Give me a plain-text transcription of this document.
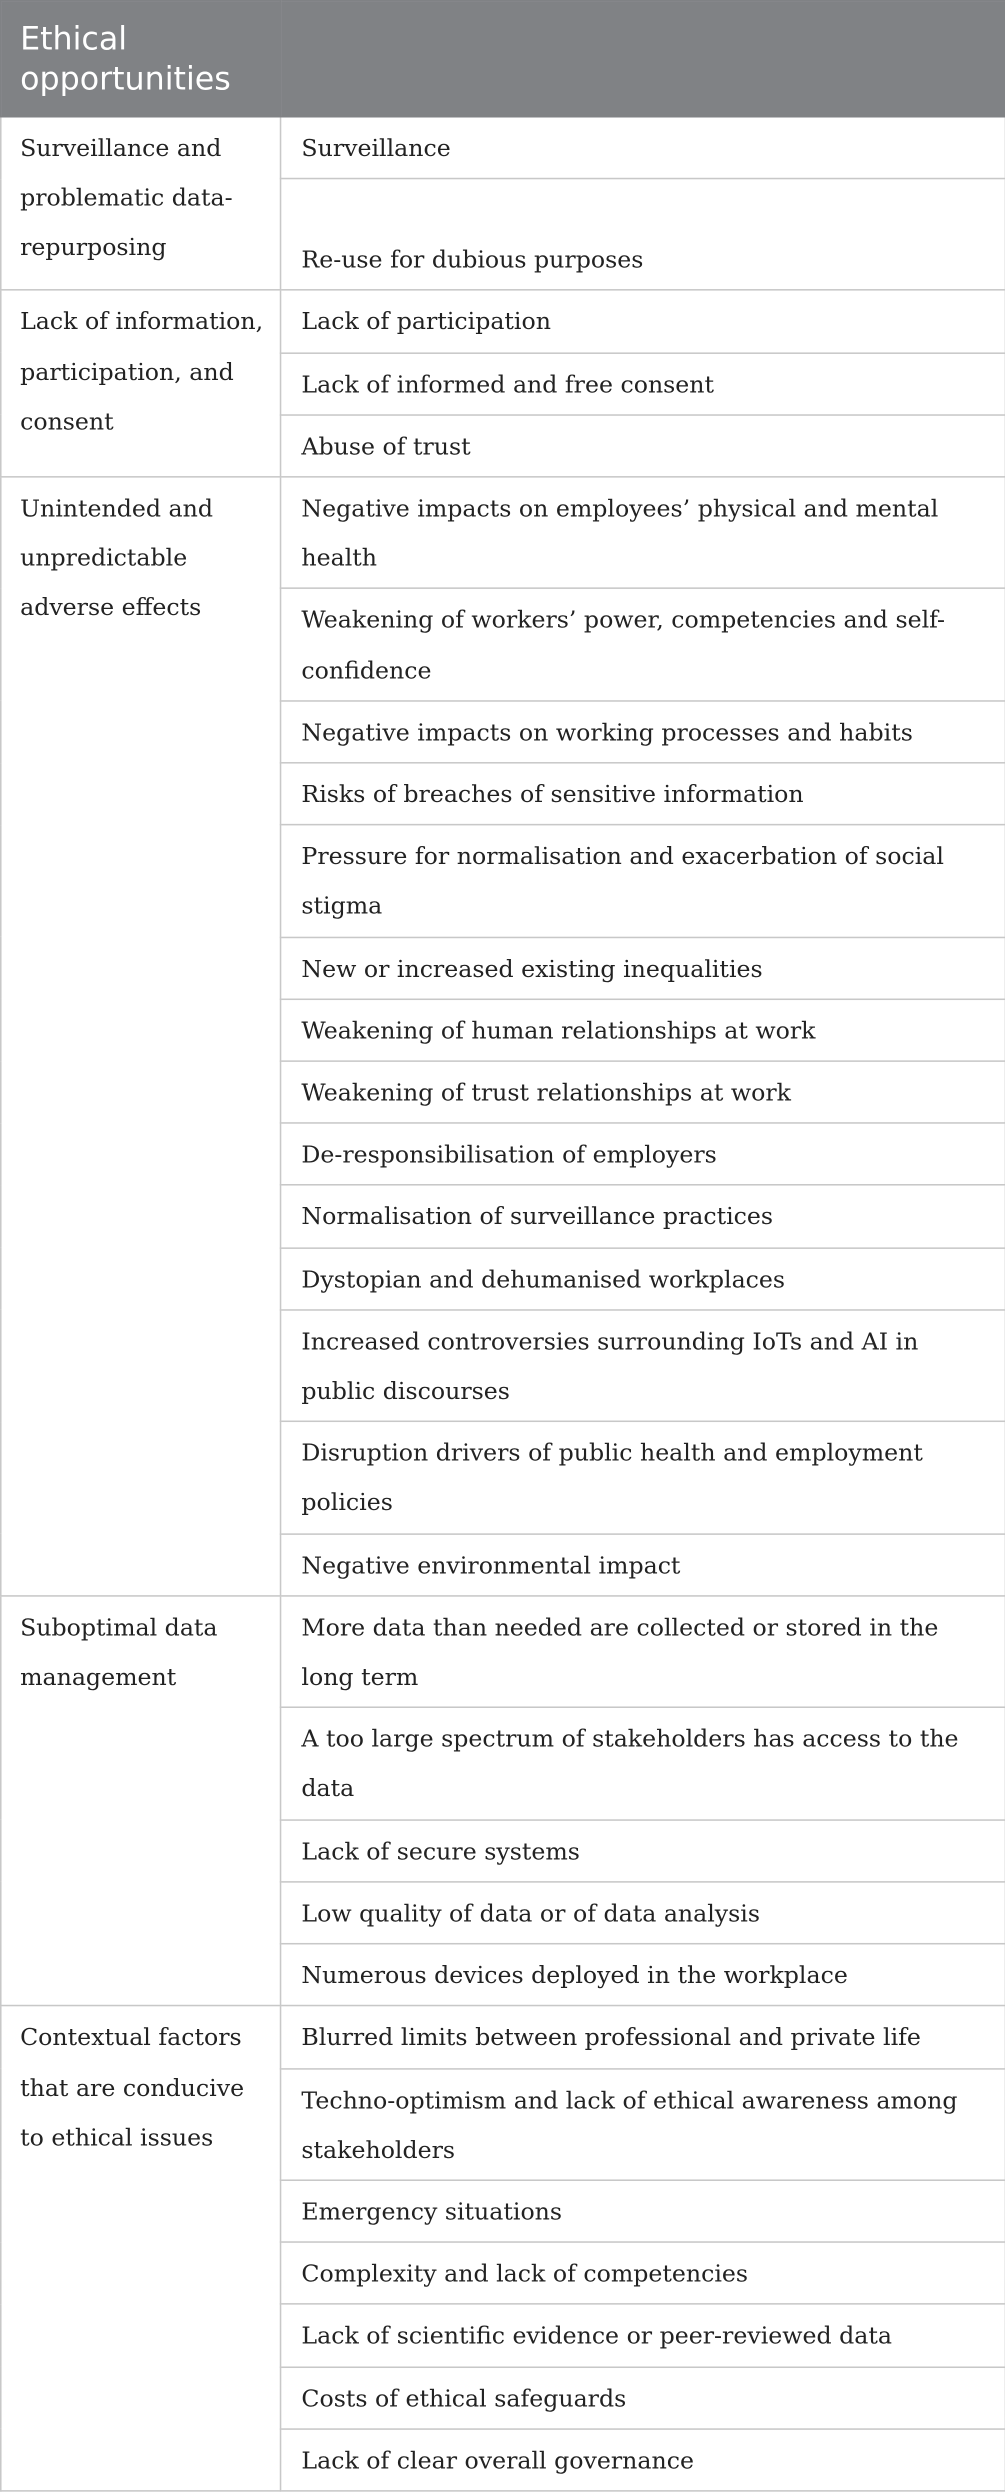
Ethical opportunities	
Surveillance and problematic data-repurposing	Surveillance
	Re-use for dubious purposes
Lack of information, participation, and consent	Lack of participation
	Lack of informed and free consent
	Abuse of trust
Unintended and unpredictable adverse effects	Negative impacts on employees’ physical and mental health
	Weakening of workers’ power, competencies and self-confidence
	Negative impacts on working processes and habits
	Risks of breaches of sensitive information
	Pressure for normalisation and exacerbation of social stigma
	New or increased existing inequalities
	Weakening of human relationships at work
	Weakening of trust relationships at work
	De-responsibilisation of employers
	Normalisation of surveillance practices
	Dystopian and dehumanised workplaces
	Increased controversies surrounding IoTs and AI in public discourses
	Disruption drivers of public health and employment policies
	Negative environmental impact
Suboptimal data management	More data than needed are collected or stored in the long term
	A too large spectrum of stakeholders has access to the data
	Lack of secure systems
	Low quality of data or of data analysis
	Numerous devices deployed in the workplace
Contextual factors that are conducive to ethical issues	Blurred limits between professional and private life
	Techno-optimism and lack of ethical awareness among stakeholders
	Emergency situations
	Complexity and lack of competencies
	Lack of scientific evidence or peer-reviewed data
	Costs of ethical safeguards
	Lack of clear overall governance
